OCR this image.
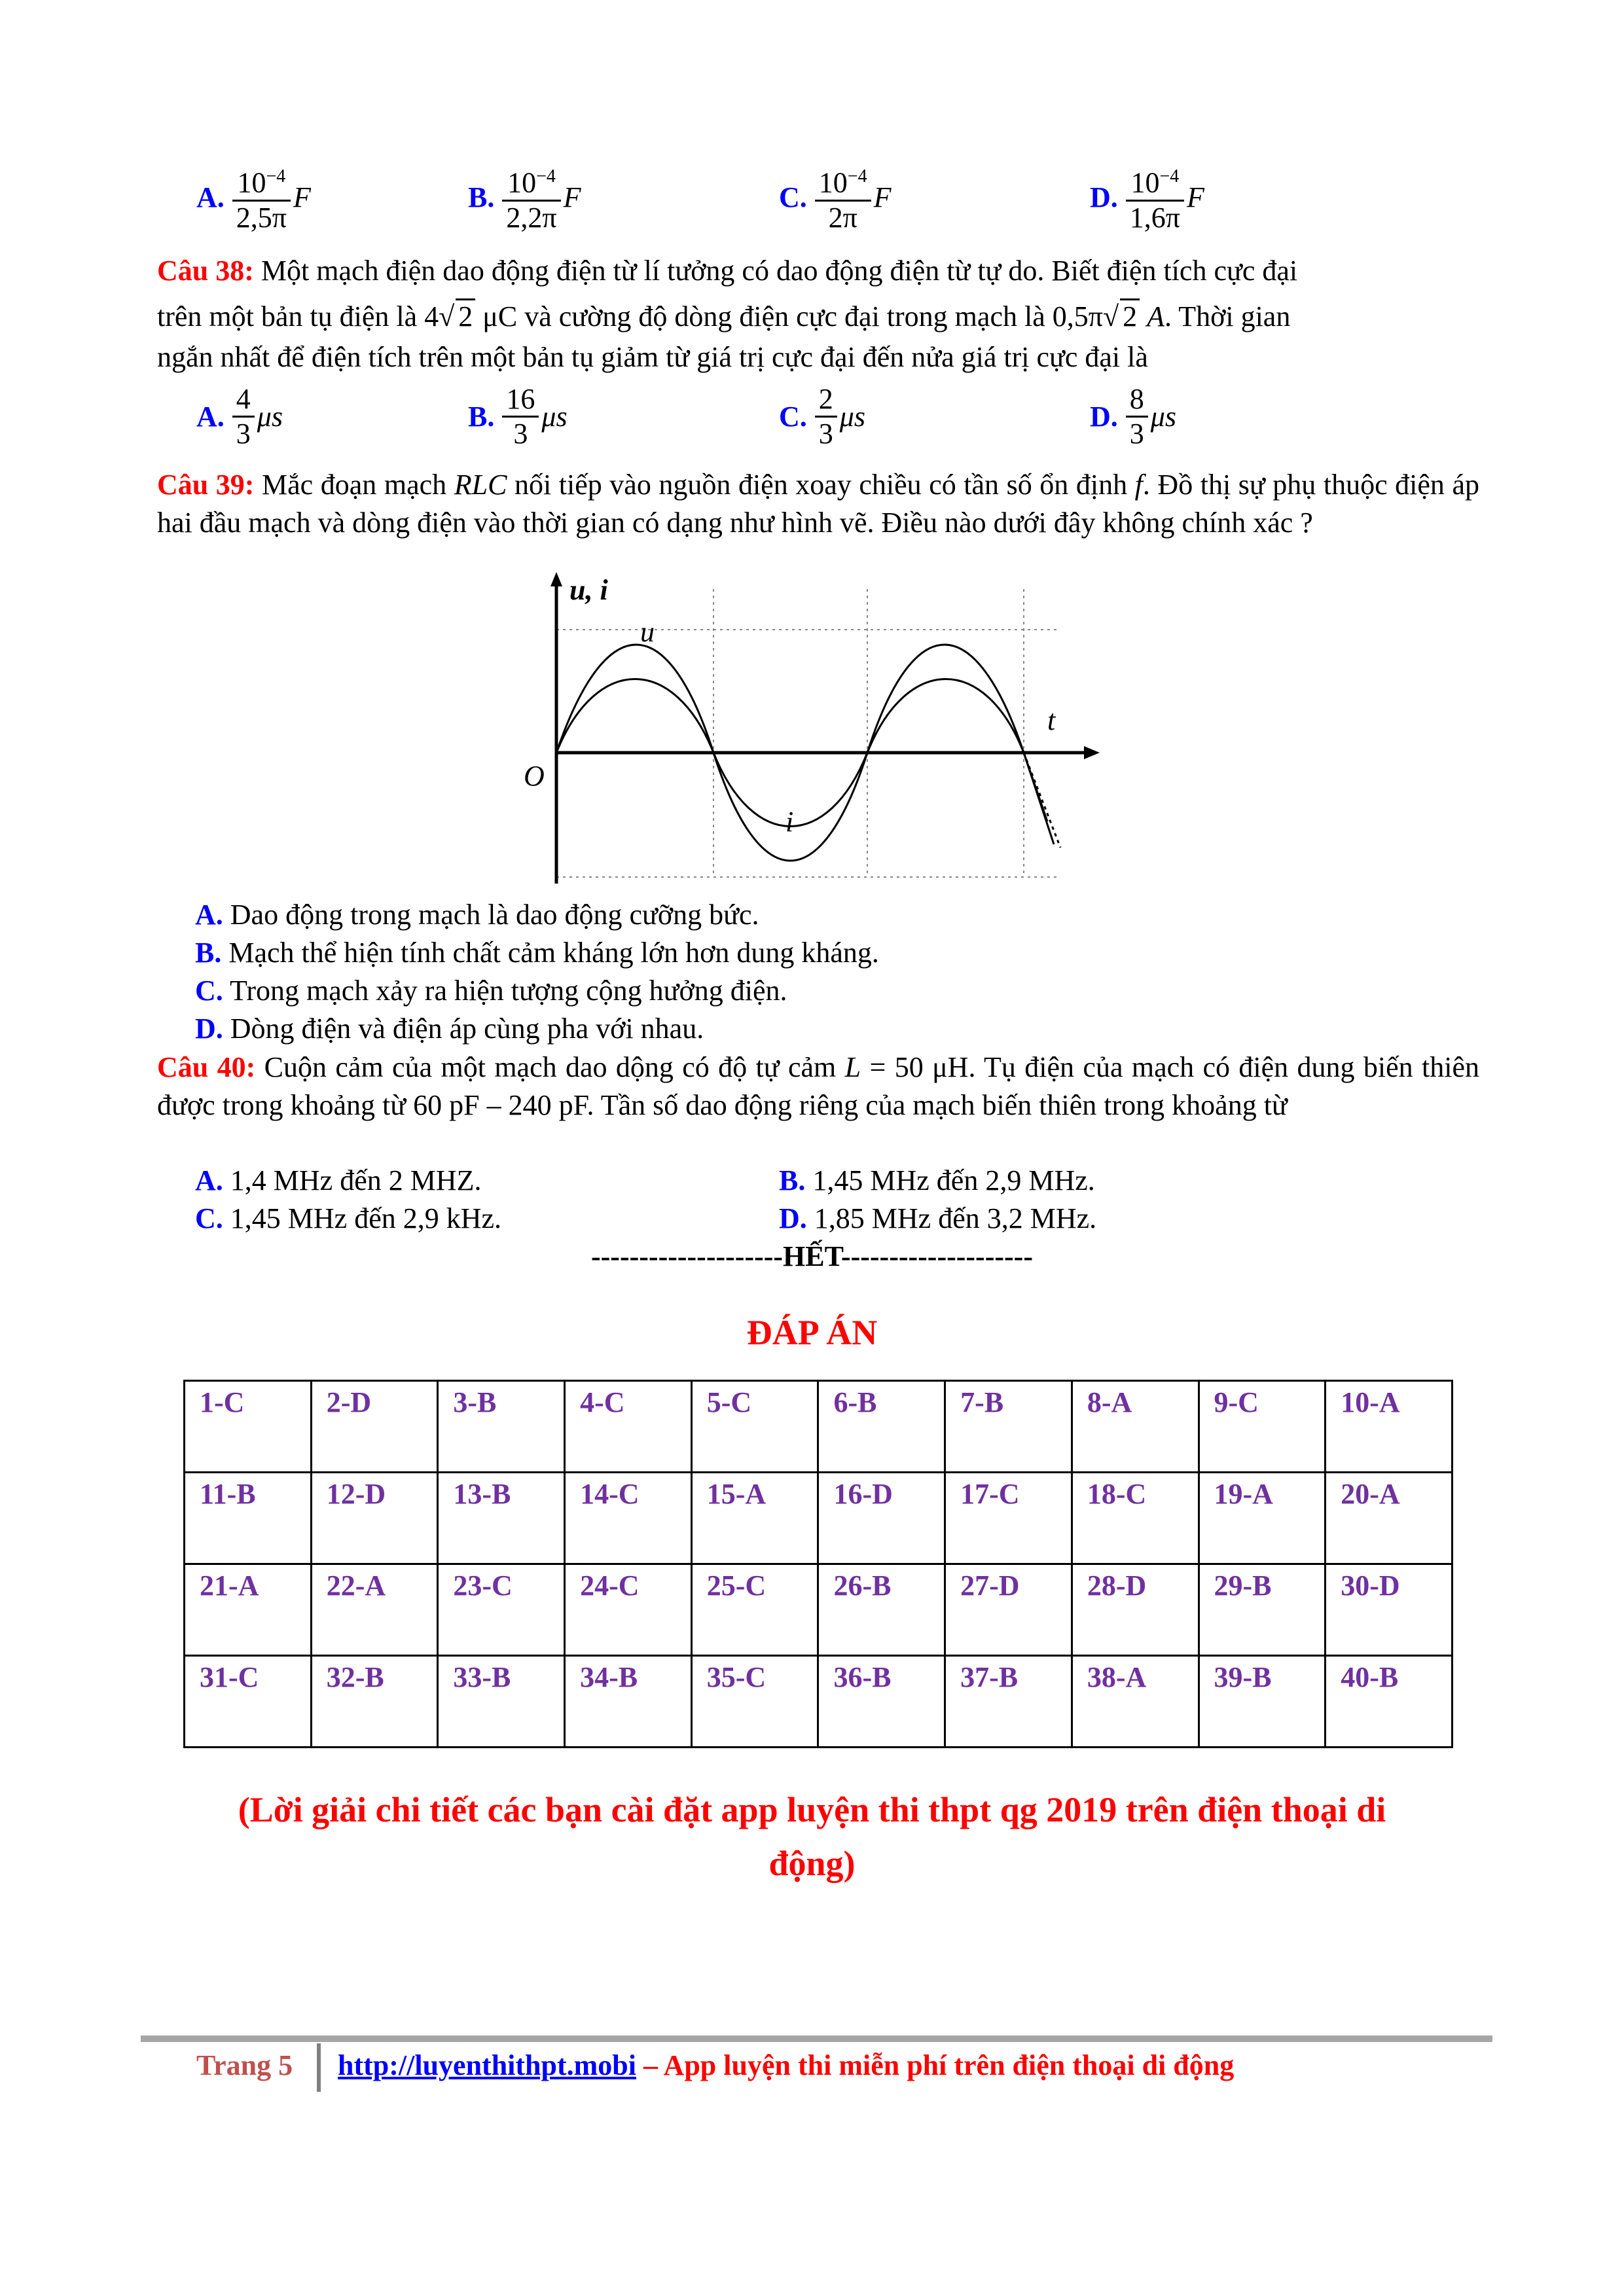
A. $\frac{10^{-4}}{2,5\pi}$ F	B. $\frac{10^{-4}}{2,2\pi}$ F	C. $\frac{10^{-4}}{2\pi}$ F	D. $\frac{10^{-4}}{1,6\pi}$ F
Câu 38: Một mạch điện dao động điện từ lí tưởng có dao động điện từ tự do. Biết điện tích cực đại
trên một bản tụ điện là 4√ 2 μC và cường độ dòng điện cực đại trong mạch là 0,5π√ 2 A. Thời gian
ngắn nhất để điện tích trên một bản tụ giảm từ giá trị cực đại đến nửa giá trị cực đại là
A. $\frac{4}{3}$ μs	B. $\frac{16}{3}$ μs	C. $\frac{2}{3}$ μs	D. $\frac{8}{3}$ μs
Câu 39: Mắc đoạn mạch RLC nối tiếp vào nguồn điện xoay chiều có tần số ổn định f. Đồ thị sự phụ thuộc điện áp hai đầu mạch và dòng điện vào thời gian có dạng như hình vẽ. Điều nào dưới đây không chính xác ?
u, i
t
O
u
i
A. Dao động trong mạch là dao động cưỡng bức.
B. Mạch thể hiện tính chất cảm kháng lớn hơn dung kháng.
C. Trong mạch xảy ra hiện tượng cộng hưởng điện.
D. Dòng điện và điện áp cùng pha với nhau.
Câu 40: Cuộn cảm của một mạch dao dộng có độ tự cảm L = 50 μH. Tụ điện của mạch có điện dung biến thiên được trong khoảng từ 60 pF – 240 pF. Tần số dao động riêng của mạch biến thiên trong khoảng từ
A. 1,4 MHz đến 2 MHZ.	B. 1,45 MHz đến 2,9 MHz.
C. 1,45 MHz đến 2,9 kHz.	D. 1,85 MHz đến 3,2 MHz.
--------------------HẾT--------------------
ĐÁP ÁN
1-C	2-D	3-B	4-C	5-C	6-B	7-B	8-A	9-C	10-A
11-B	12-D	13-B	14-C	15-A	16-D	17-C	18-C	19-A	20-A
21-A	22-A	23-C	24-C	25-C	26-B	27-D	28-D	29-B	30-D
31-C	32-B	33-B	34-B	35-C	36-B	37-B	38-A	39-B	40-B
(Lời giải chi tiết các bạn cài đặt app luyện thi thpt qg 2019 trên điện thoại di
động)
Trang 5 http://luyenthithpt.mobi – App luyện thi miễn phí trên điện thoại di động
